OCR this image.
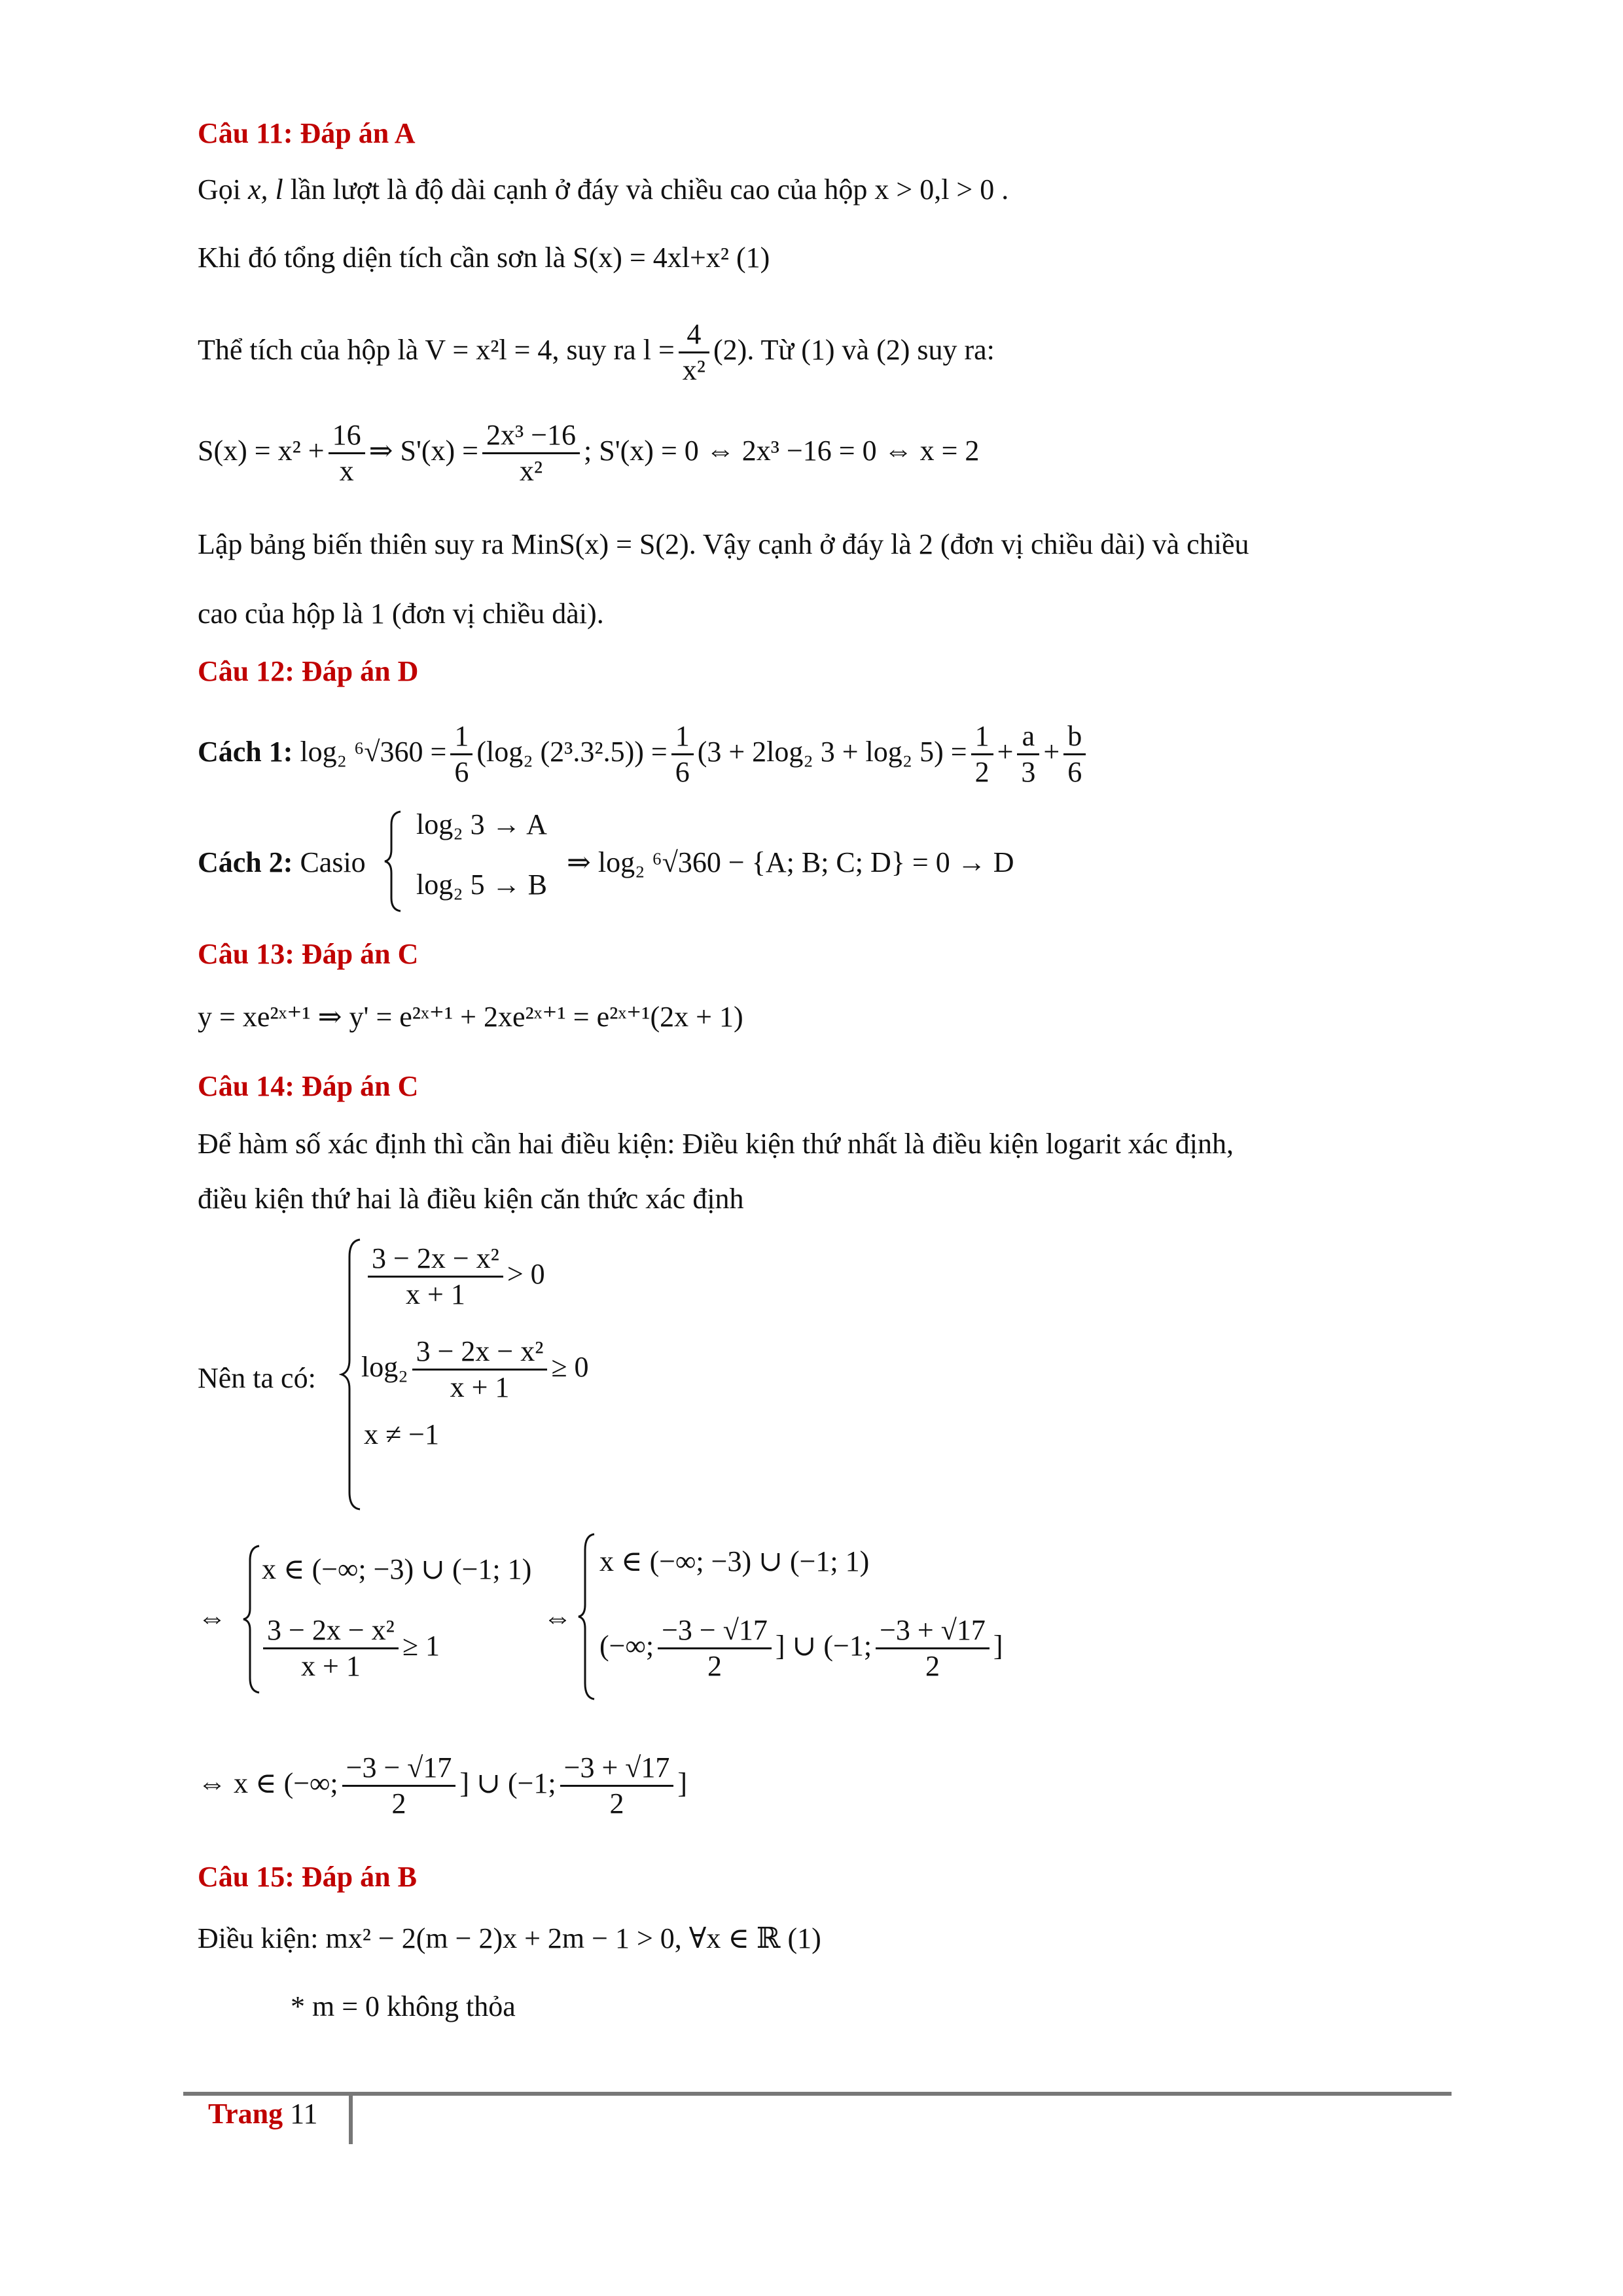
Câu 11: Đáp án A
Gọi x, l lần lượt là độ dài cạnh ở đáy và chiều cao của hộp x > 0,l > 0 .
Khi đó tổng diện tích cần sơn là S(x) = 4xl+x² (1)
Thể tích của hộp là V = x²l = 4, suy ra $l = \frac{4}{\text{x²}} (2)$. Từ (1) và (2) suy ra:
$S(x) = x^2 + \frac{16}{x}$ ⇒ $S'(x) = \frac{\text{2x³ −16}}{\text{x²}}$ ; S'(x) = 0 ⇔ 2x³ −16 = 0 ⇔ x = 2
Lập bảng biến thiên suy ra MinS(x) = S(2). Vậy cạnh ở đáy là 2 (đơn vị chiều dài) và chiều
cao của hộp là 1 (đơn vị chiều dài).
Câu 12: Đáp án D
Cách 1: log₂ $^6√360 = \frac{1}{6} (\log_2$ $(2^3.3^2.5)) = \frac{1}{6} (3 + 2\log_2$ 3 + log₂ $5) = \frac{1}{2} + \frac{a}{3} + \frac{b}{6}$
Cách 2: Casio
log₂ 3 → A
log₂ 5 → B
⇒ log₂ ⁶√360 − {A; B; C; D} = 0 → D
Câu 13: Đáp án C
y = xe²ˣ⁺¹ ⇒ y' = e²ˣ⁺¹ + 2xe²ˣ⁺¹ = e²ˣ⁺¹(2x + 1)
Câu 14: Đáp án C
Để hàm số xác định thì cần hai điều kiện: Điều kiện thứ nhất là điều kiện logarit xác định,
điều kiện thứ hai là điều kiện căn thức xác định
Nên ta có:
$\frac{\text{3 − 2x − x²}}{x + 1} > 0$
$\log_2 \frac{\text{3 − 2x − x²}}{x + 1} \ge 0$
x ≠ −1
⇔
x ∈ (−∞; −3) ∪ (−1; 1)
$\frac{\text{3 − 2x − x²}}{x + 1} \ge 1$
⇔
x ∈ (−∞; −3) ∪ (−1; 1)
(−∞; $\frac{-3 - √17}{2}$ ] ∪ (−1; $\frac{-3 + √17}{2}$ ]
⇔ x ∈ (−∞; $\frac{-3 - √17}{2}$ ] ∪ (−1; $\frac{-3 + √17}{2}$ ]
Câu 15: Đáp án B
Điều kiện: mx² − 2(m − 2)x + 2m − 1 > 0, ∀x ∈ ℝ (1)
* m = 0 không thỏa
Trang 11
